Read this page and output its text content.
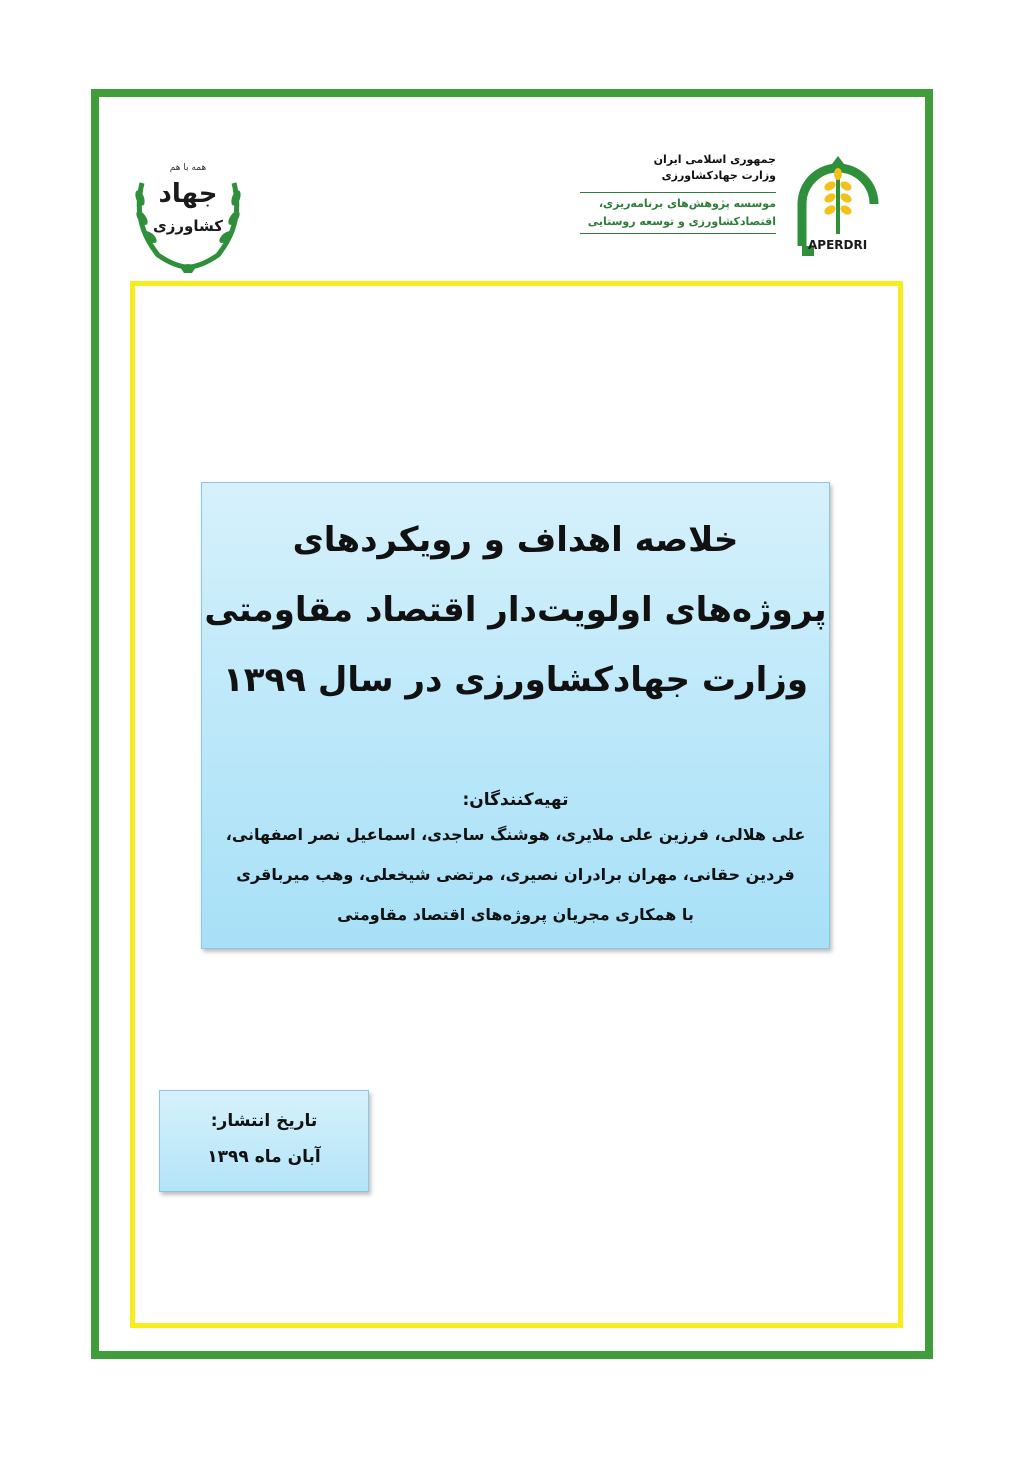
همه با هم
جهاد
کشاورزی
APERDRI
جمهوری اسلامی ایران
وزارت جهادکشاورزی
موسسه پژوهش‌های برنامه‌ریزی،
اقتصادکشاورزی و توسعه روستایی
خلاصه اهداف و رویکردهای
پروژه‌های اولویت‌دار اقتصاد مقاومتی
وزارت جهادکشاورزی در سال ۱۳۹۹
تهیه‌کنندگان:
علی هلالی، فرزین علی ملایری، هوشنگ ساجدی، اسماعیل نصر اصفهانی،
فردین حقانی، مهران برادران نصیری، مرتضی شیخعلی، وهب میرباقری
با همکاری مجریان پروژه‌های اقتصاد مقاومتی
تاریخ انتشار:
آبان ماه ۱۳۹۹
